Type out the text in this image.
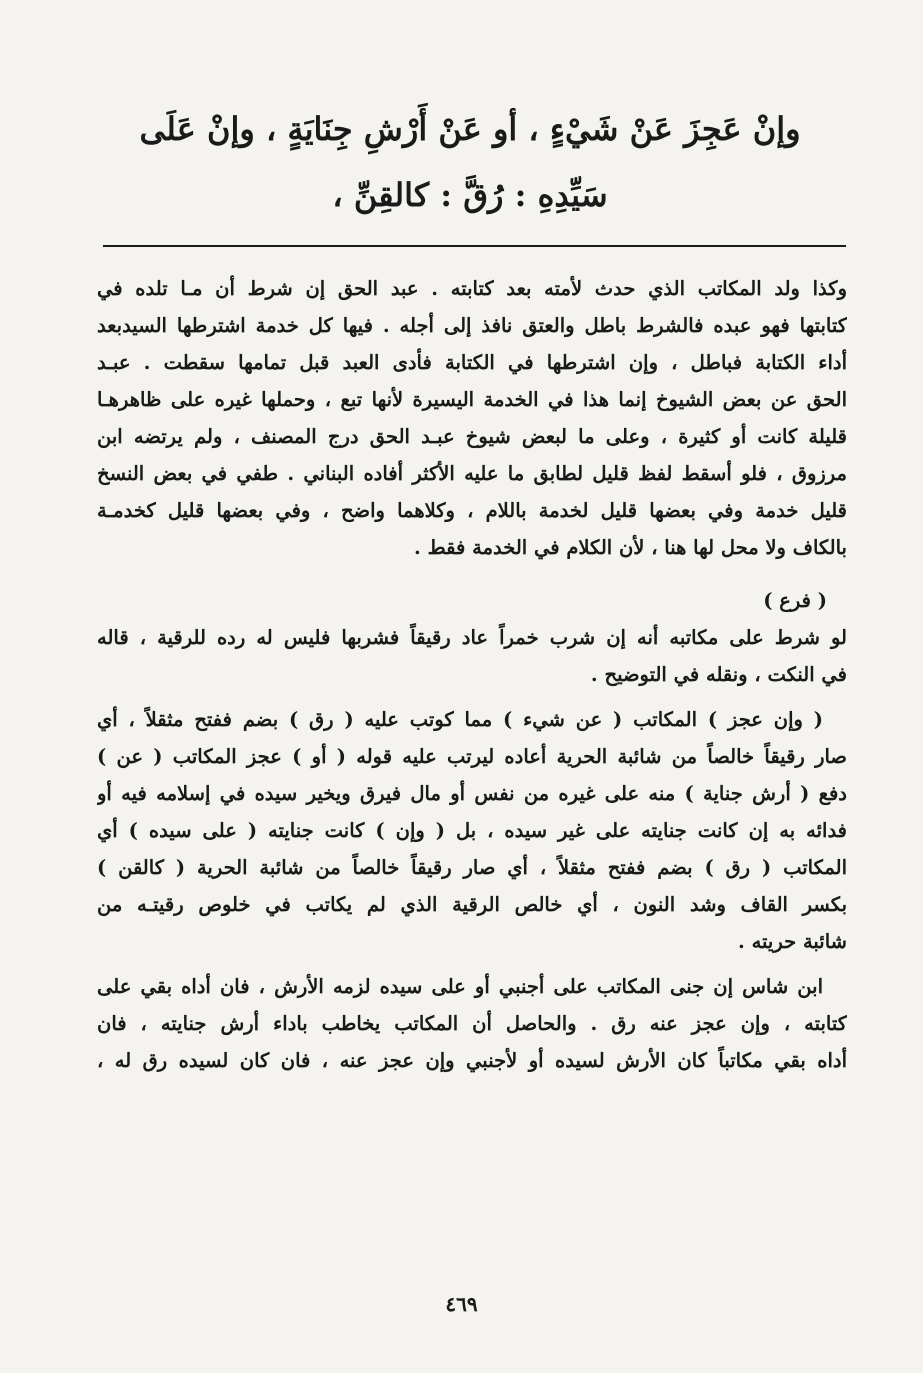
وإنْ عَجِزَ عَنْ شَيْءٍ ، أو عَنْ أَرْشِ جِنَايَةٍ ، وإنْ عَلَى
سَيِّدِهِ : رُقَّ : كالقِنِّ ،
وكذا ولد المكاتب الذي حدث لأمته بعد كتابته . عبد الحق إن شرط أن مـا تلده في
كتابتها فهو عبده فالشرط باطل والعتق نافذ إلى أجله . فيها كل خدمة اشترطها السيدبعد
أداء الكتابة فباطل ، وإن اشترطها في الكتابة فأدى العبد قبل تمامها سقطت . عبـد
الحق عن بعض الشيوخ إنما هذا في الخدمة اليسيرة لأنها تبع ، وحملها غيره على ظاهرهـا
قليلة كانت أو كثيرة ، وعلى ما لبعض شيوخ عبـد الحق درج المصنف ، ولم يرتضه ابن
مرزوق ، فلو أسقط لفظ قليل لطابق ما عليه الأكثر أفاده البناني . طفي في بعض النسخ
قليل خدمة وفي بعضها قليل لخدمة باللام ، وكلاهما واضح ، وفي بعضها قليل كخدمـة
بالكاف ولا محل لها هنا ، لأن الكلام في الخدمة فقط .
( فرع )
لو شرط على مكاتبه أنه إن شرب خمراً عاد رقيقاً فشربها فليس له رده للرقية ، قاله
في النكت ، ونقله في التوضيح .
( وإن عجز ) المكاتب ( عن شيء ) مما كوتب عليه ( رق ) بضم ففتح مثقلاً ، أي
صار رقيقاً خالصاً من شائبة الحرية أعاده ليرتب عليه قوله ( أو ) عجز المكاتب ( عن )
دفع ( أرش جناية ) منه على غيره من نفس أو مال فيرق ويخير سيده في إسلامه فيه أو
فدائه به إن كانت جنايته على غير سيده ، بل ( وإن ) كانت جنايته ( على سيده ) أي
المكاتب ( رق ) بضم ففتح مثقلاً ، أي صار رقيقاً خالصاً من شائبة الحرية ( كالقن )
بكسر القاف وشد النون ، أي خالص الرقية الذي لم يكاتب في خلوص رقيتـه من
شائبة حريته .
ابن شاس إن جنى المكاتب على أجنبي أو على سيده لزمه الأرش ، فان أداه بقي على
كتابته ، وإن عجز عنه رق . والحاصل أن المكاتب يخاطب باداء أرش جنايته ، فان
أداه بقي مكاتباً كان الأرش لسيده أو لأجنبي وإن عجز عنه ، فان كان لسيده رق له ،
٤٦٩
